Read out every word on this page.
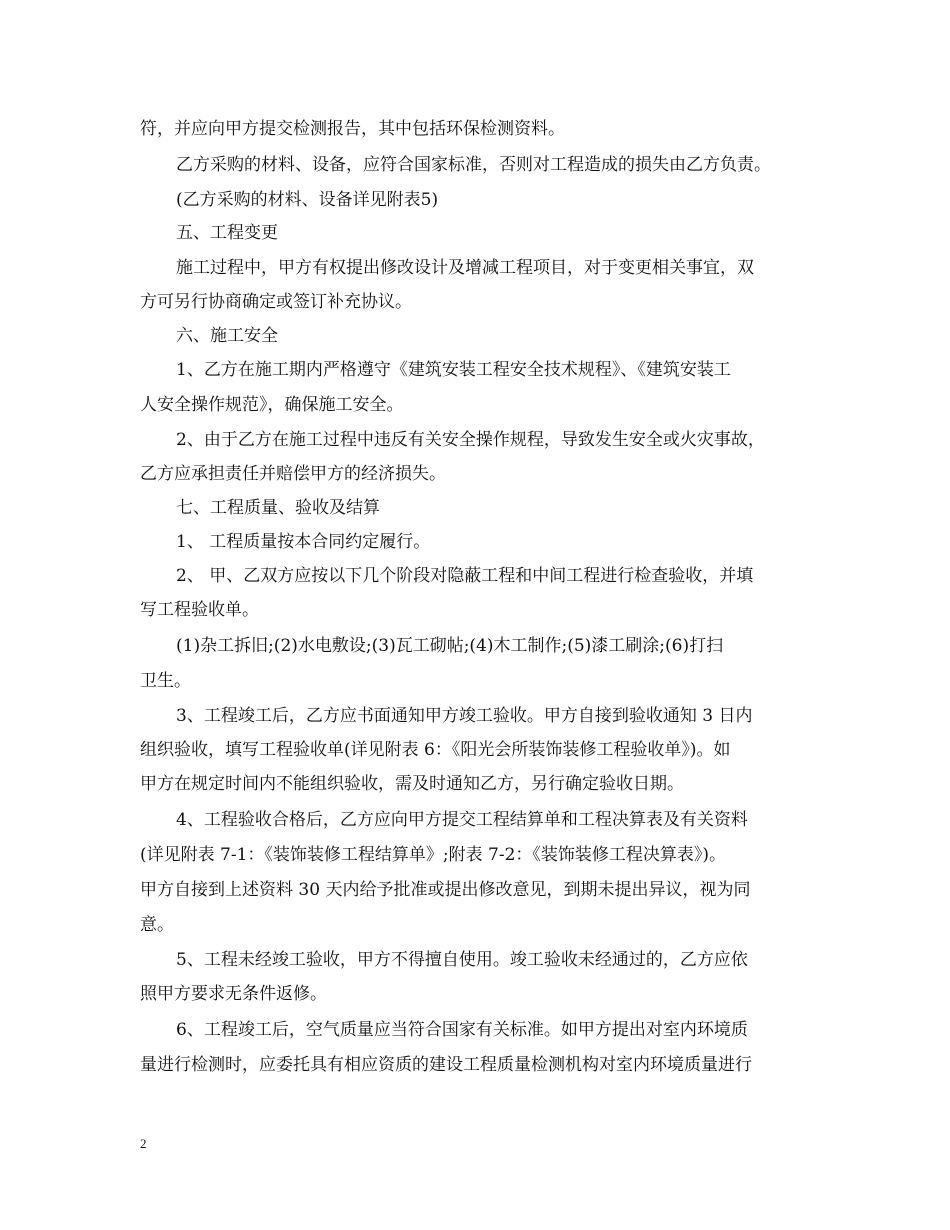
符，并应向甲方提交检测报告，其中包括环保检测资料。
乙方采购的材料、设备，应符合国家标准，否则对工程造成的损失由乙方负责。
(乙方采购的材料、设备详见附表5)
五、工程变更
施工过程中，甲方有权提出修改设计及增减工程项目，对于变更相关事宜，双
方可另行协商确定或签订补充协议。
六、施工安全
1、乙方在施工期内严格遵守《建筑安装工程安全技术规程》、《建筑安装工
人安全操作规范》，确保施工安全。
2、由于乙方在施工过程中违反有关安全操作规程，导致发生安全或火灾事故，
乙方应承担责任并赔偿甲方的经济损失。
七、工程质量、验收及结算
1、 工程质量按本合同约定履行。
2、 甲、乙双方应按以下几个阶段对隐蔽工程和中间工程进行检查验收，并填
写工程验收单。
(1)杂工拆旧;(2)水电敷设;(3)瓦工砌帖;(4)木工制作;(5)漆工刷涂;(6)打扫
卫生。
3、工程竣工后，乙方应书面通知甲方竣工验收。甲方自接到验收通知 3 日内
组织验收，填写工程验收单(详见附表 6：《阳光会所装饰装修工程验收单》)。如
甲方在规定时间内不能组织验收，需及时通知乙方，另行确定验收日期。
4、工程验收合格后，乙方应向甲方提交工程结算单和工程决算表及有关资料
(详见附表 7-1：《装饰装修工程结算单》;附表 7-2：《装饰装修工程决算表》)。
甲方自接到上述资料 30 天内给予批准或提出修改意见，到期未提出异议，视为同
意。
5、工程未经竣工验收，甲方不得擅自使用。竣工验收未经通过的，乙方应依
照甲方要求无条件返修。
6、工程竣工后，空气质量应当符合国家有关标准。如甲方提出对室内环境质
量进行检测时，应委托具有相应资质的建设工程质量检测机构对室内环境质量进行
2
